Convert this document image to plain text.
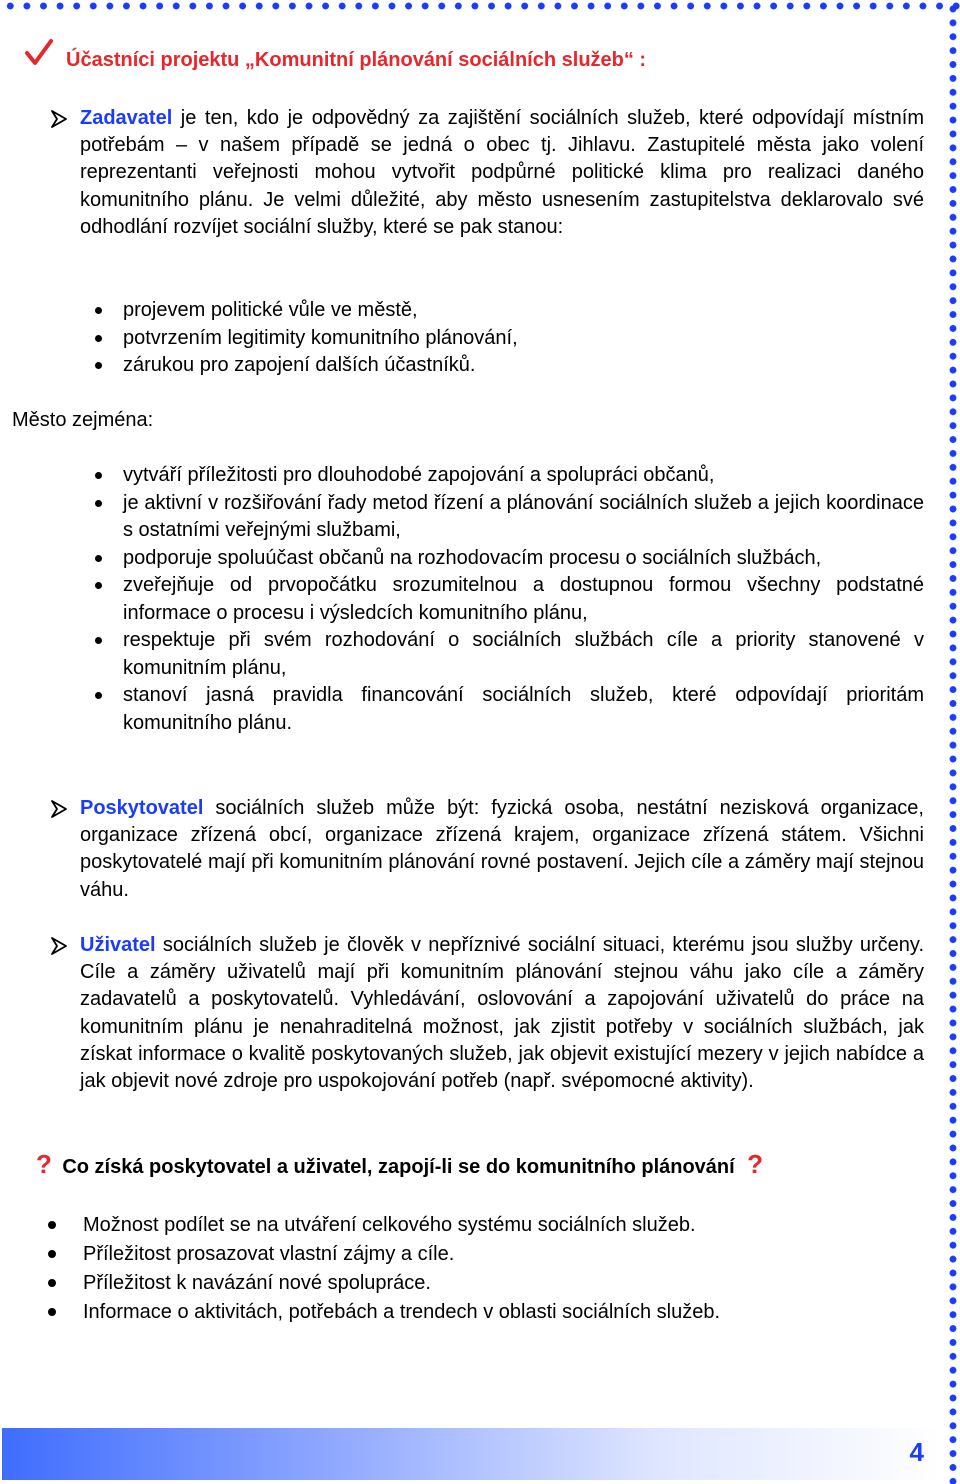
Účastníci projektu „Komunitní plánování sociálních služeb“ :
Zadavatel je ten, kdo je odpovědný za zajištění sociálních služeb, které odpovídají místním potřebám – v našem případě se jedná o obec tj. Jihlavu. Zastupitelé města jako volení reprezentanti veřejnosti mohou vytvořit podpůrné politické klima pro realizaci daného komunitního plánu. Je velmi důležité, aby město usnesením zastupitelstva deklarovalo své odhodlání rozvíjet sociální služby, které se pak stanou:
projevem politické vůle ve městě,
potvrzením legitimity komunitního plánování,
zárukou pro zapojení dalších účastníků.
Město zejména:
vytváří příležitosti pro dlouhodobé zapojování a spolupráci občanů,
je aktivní v rozšiřování řady metod řízení a plánování sociálních služeb a jejich koordinace s ostatními veřejnými službami,
podporuje spoluúčast občanů na rozhodovacím procesu o sociálních službách,
zveřejňuje od prvopočátku srozumitelnou a dostupnou formou všechny podstatné informace o procesu i výsledcích komunitního plánu,
respektuje při svém rozhodování o sociálních službách cíle a priority stanovené v komunitním plánu,
stanoví jasná pravidla financování sociálních služeb, které odpovídají prioritám komunitního plánu.
Poskytovatel sociálních služeb může být: fyzická osoba, nestátní nezisková organizace, organizace zřízená obcí, organizace zřízená krajem, organizace zřízená státem. Všichni poskytovatelé mají při komunitním plánování rovné postavení. Jejich cíle a záměry mají stejnou váhu.
Uživatel sociálních služeb je člověk v nepříznivé sociální situaci, kterému jsou služby určeny. Cíle a záměry uživatelů mají při komunitním plánování stejnou váhu jako cíle a záměry zadavatelů a poskytovatelů. Vyhledávání, oslovování a zapojování uživatelů do práce na komunitním plánu je nenahraditelná možnost, jak zjistit potřeby v sociálních službách, jak získat informace o kvalitě poskytovaných služeb, jak objevit existující mezery v jejich nabídce a jak objevit nové zdroje pro uspokojování potřeb (např. svépomocné aktivity).
? Co získá poskytovatel a uživatel, zapojí-li se do komunitního plánování ?
Možnost podílet se na utváření celkového systému sociálních služeb.
Příležitost prosazovat vlastní zájmy a cíle.
Příležitost k navázání nové spolupráce.
Informace o aktivitách, potřebách a trendech v oblasti sociálních služeb.
4
